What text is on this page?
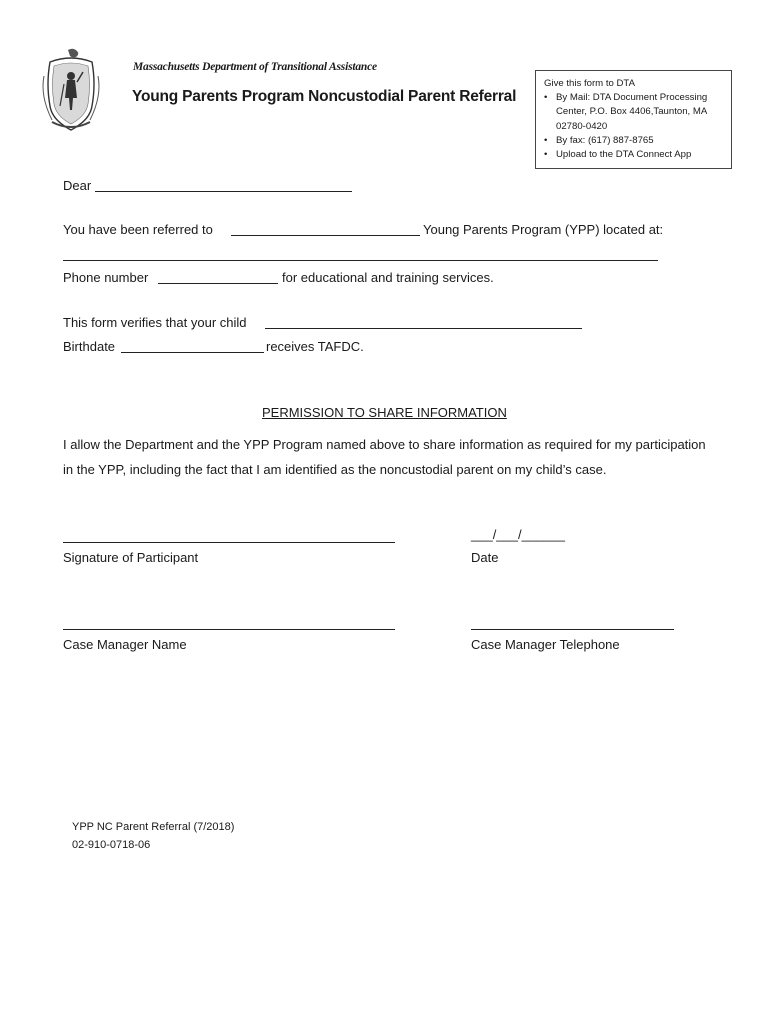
Massachusetts Department of Transitional Assistance
Young Parents Program Noncustodial Parent Referral
Give this form to DTA
• By Mail: DTA Document Processing
Center, P.O. Box 4406,Taunton, MA
02780-0420
• By fax: (617) 887-8765
• Upload to the DTA Connect App
Dear
You have been referred to	Young Parents Program (YPP) located at:
Phone number	for educational and training services.
This form verifies that your child
Birthdate	receives TAFDC.
PERMISSION TO SHARE INFORMATION
I allow the Department and the YPP Program named above to share information as required for my participation in the YPP, including the fact that I am identified as the noncustodial parent on my child’s case.
___/___/______
Signature of Participant	Date
Case Manager Name	Case Manager Telephone
YPP NC Parent Referral (7/2018)
02-910-0718-06
